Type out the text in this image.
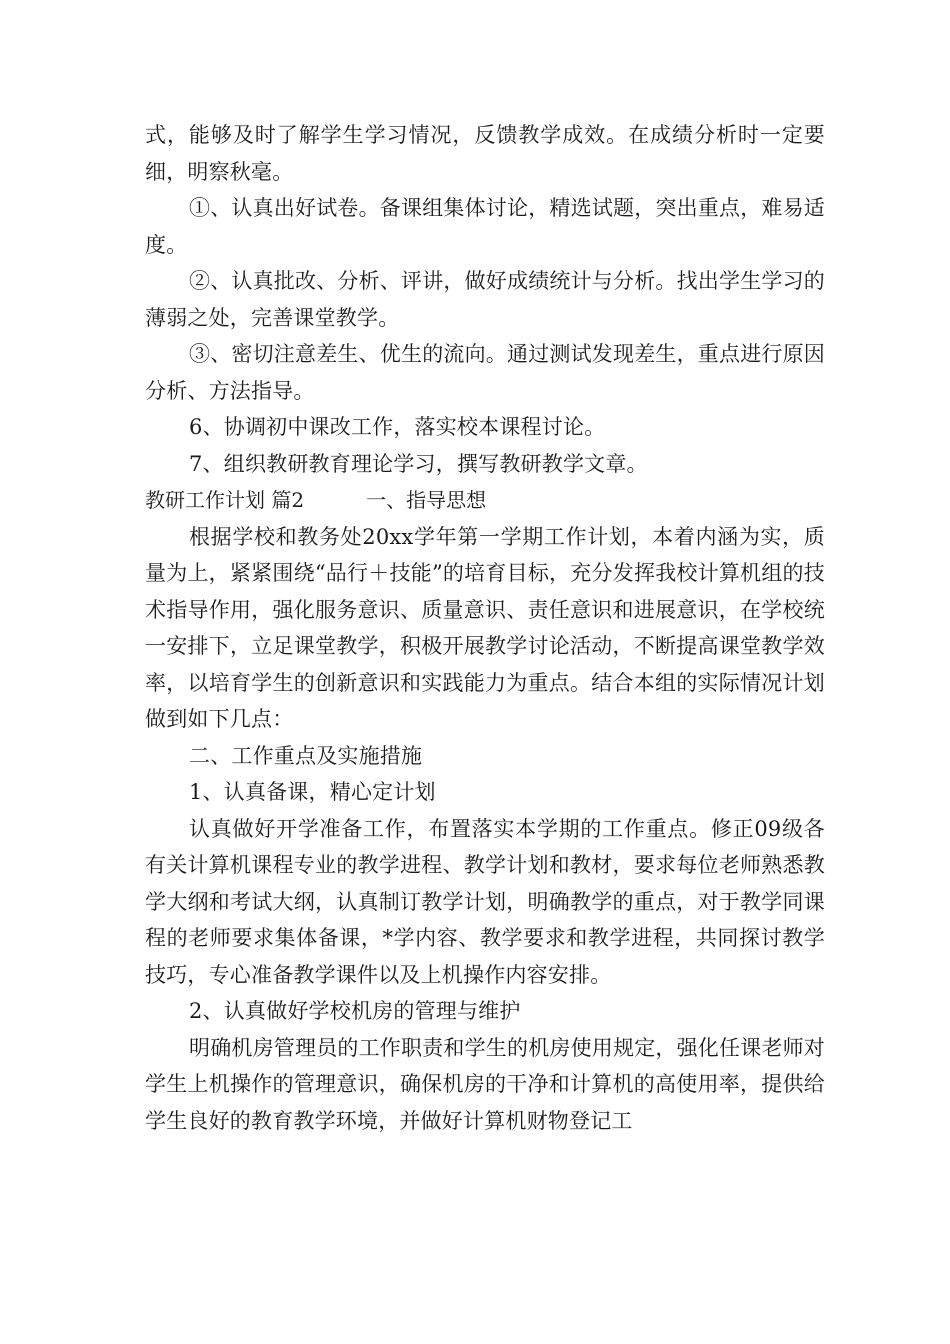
式，能够及时了解学生学习情况，反馈教学成效。在成绩分析时一定要细，明察秋毫。

①、认真出好试卷。备课组集体讨论，精选试题，突出重点，难易适度。

②、认真批改、分析、评讲，做好成绩统计与分析。找出学生学习的薄弱之处，完善课堂教学。

③、密切注意差生、优生的流向。通过测试发现差生，重点进行原因分析、方法指导。

6、协调初中课改工作，落实校本课程讨论。

7、组织教研教育理论学习，撰写教研教学文章。

教研工作计划 篇2	一、指导思想

根据学校和教务处20xx学年第一学期工作计划，本着内涵为实，质量为上，紧紧围绕“品行＋技能”的培育目标，充分发挥我校计算机组的技术指导作用，强化服务意识、质量意识、责任意识和进展意识，在学校统一安排下，立足课堂教学，积极开展教学讨论活动，不断提高课堂教学效率，以培育学生的创新意识和实践能力为重点。结合本组的实际情况计划做到如下几点：

二、工作重点及实施措施

1、认真备课，精心定计划

认真做好开学准备工作，布置落实本学期的工作重点。修正09级各有关计算机课程专业的教学进程、教学计划和教材，要求每位老师熟悉教学大纲和考试大纲，认真制订教学计划，明确教学的重点，对于教学同课程的老师要求集体备课，*学内容、教学要求和教学进程，共同探讨教学技巧，专心准备教学课件以及上机操作内容安排。

2、认真做好学校机房的管理与维护

明确机房管理员的工作职责和学生的机房使用规定，强化任课老师对学生上机操作的管理意识，确保机房的干净和计算机的高使用率，提供给学生良好的教育教学环境，并做好计算机财物登记工
